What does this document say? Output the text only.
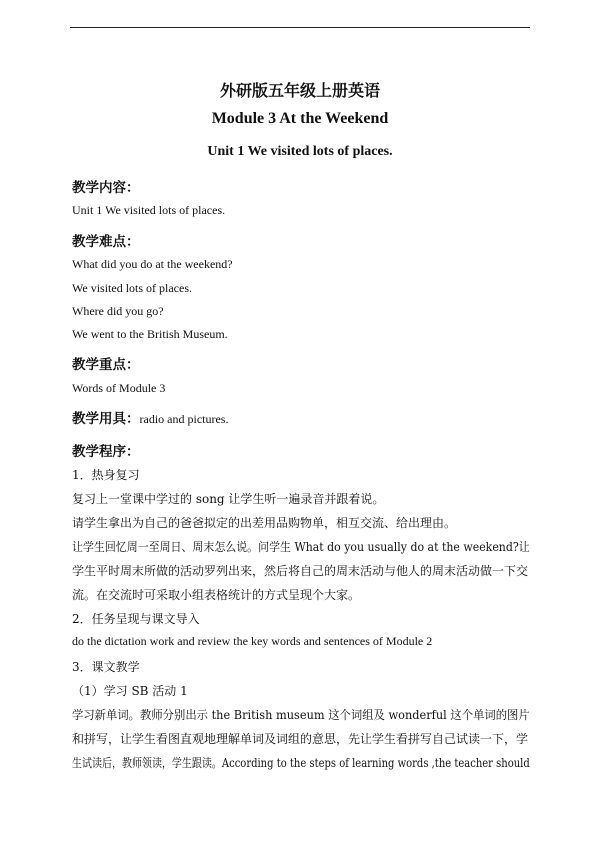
外研版五年级上册英语
Module 3 At the Weekend
Unit 1 We visited lots of places.
教学内容：
Unit 1 We visited lots of places.
教学难点：
What did you do at the weekend?
We visited lots of places.
Where did you go?
We went to the British Museum.
教学重点：
Words of Module 3
教学用具：radio and pictures.
教学程序：
1．热身复习
复习上一堂课中学过的 song 让学生听一遍录音并跟着说。
请学生拿出为自己的爸爸拟定的出差用品购物单，相互交流、给出理由。
让学生回忆周一至周日、周末怎么说。问学生 What do you usually do at the weekend?让
学生平时周末所做的活动罗列出来，然后将自己的周末活动与他人的周末活动做一下交
流。在交流时可采取小组表格统计的方式呈现个大家。
2．任务呈现与课文导入
do the dictation work and review the key words and sentences of Module 2
3．课文教学
（1）学习 SB 活动 1
学习新单词。教师分别出示 the British museum 这个词组及 wonderful 这个单词的图片
和拼写，让学生看图直观地理解单词及词组的意思，先让学生看拼写自己试读一下，学
生试读后，教师领读，学生跟读。According to the steps of learning words ,the teacher should
